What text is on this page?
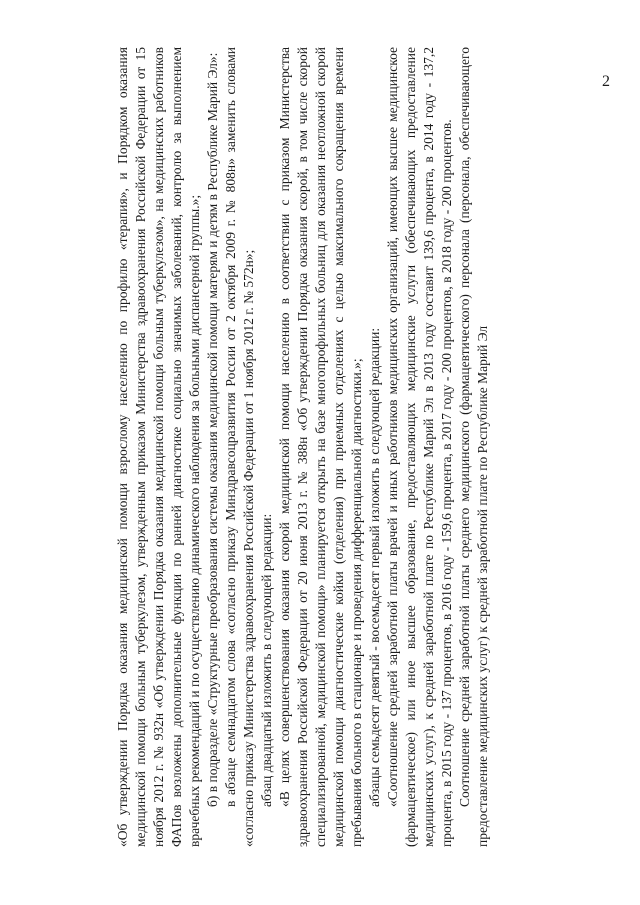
2

«Об утверждении Порядка оказания медицинской помощи взрослому населению по профилю «терапия», и Порядком оказания медицинской помощи больным туберкулезом, утвержденным приказом Министерства здравоохранения Российской Федерации от 15 ноября 2012 г. № 932н «Об утверждении Порядка оказания медицинской помощи больным туберкулезом», на медицинских работников ФАПов возложены дополнительные функции по ранней диагностике социально значимых заболеваний, контролю за выполнением врачебных рекомендаций и по осуществлению динамического наблюдения за больными диспансерной группы.»; б) в подразделе «Структурные преобразования системы оказания медицинской помощи матерям и детям в Республике Марий Эл»: в абзаце семнадцатом слова «согласно приказу Минздравсоцразвития России от 2 октября 2009 г. № 808н» заменить словами «согласно приказу Министерства здравоохранения Российской Федерации от 1 ноября 2012 г. № 572н»; абзац двадцатый изложить в следующей редакции: «В целях совершенствования оказания скорой медицинской помощи населению в соответствии с приказом Министерства здравоохранения Российской Федерации от 20 июня 2013 г. № 388н «Об утверждении Порядка оказания скорой, в том числе скорой специализированной, медицинской помощи» планируется открыть на базе многопрофильных больниц для оказания неотложной скорой медицинской помощи диагностические койки (отделения) при приемных отделениях с целью максимального сокращения времени пребывания больного в стационаре и проведения дифференциальной диагностики.»; абзацы семьдесят девятый - восемьдесят первый изложить в следующей редакции: «Соотношение средней заработной платы врачей и иных работников медицинских организаций, имеющих высшее медицинское (фармацевтическое) или иное высшее образование, предоставляющих медицинские услуги (обеспечивающих предоставление медицинских услуг), к средней заработной плате по Республике Марий Эл в 2013 году составит 139,6 процента, в 2014 году - 137,2 процента, в 2015 году - 137 процентов, в 2016 году - 159,6 процента, в 2017 году - 200 процентов, в 2018 году - 200 процентов. Соотношение средней заработной платы среднего медицинского (фармацевтического) персонала (персонала, обеспечивающего предоставление медицинских услуг) к средней заработной плате по Республике Марий Эл
